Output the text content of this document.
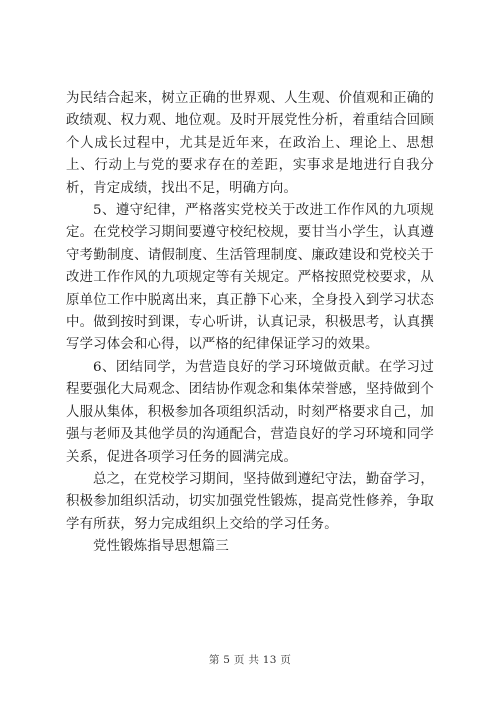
为民结合起来，树立正确的世界观、人生观、价值观和正确的政绩观、权力观、地位观。及时开展党性分析，着重结合回顾个人成长过程中，尤其是近年来，在政治上、理论上、思想上、行动上与党的要求存在的差距，实事求是地进行自我分析，肯定成绩，找出不足，明确方向。

5、遵守纪律，严格落实党校关于改进工作作风的九项规定。在党校学习期间要遵守校纪校规，要甘当小学生，认真遵守考勤制度、请假制度、生活管理制度、廉政建设和党校关于改进工作作风的九项规定等有关规定。严格按照党校要求，从原单位工作中脱离出来，真正静下心来，全身投入到学习状态中。做到按时到课，专心听讲，认真记录，积极思考，认真撰写学习体会和心得，以严格的纪律保证学习的效果。

6、团结同学，为营造良好的学习环境做贡献。在学习过程要强化大局观念、团结协作观念和集体荣誉感，坚持做到个人服从集体，积极参加各项组织活动，时刻严格要求自己，加强与老师及其他学员的沟通配合，营造良好的学习环境和同学关系，促进各项学习任务的圆满完成。

总之，在党校学习期间，坚持做到遵纪守法，勤奋学习，积极参加组织活动，切实加强党性锻炼，提高党性修养，争取学有所获，努力完成组织上交给的学习任务。

党性锻炼指导思想篇三

第 5 页 共 13 页
